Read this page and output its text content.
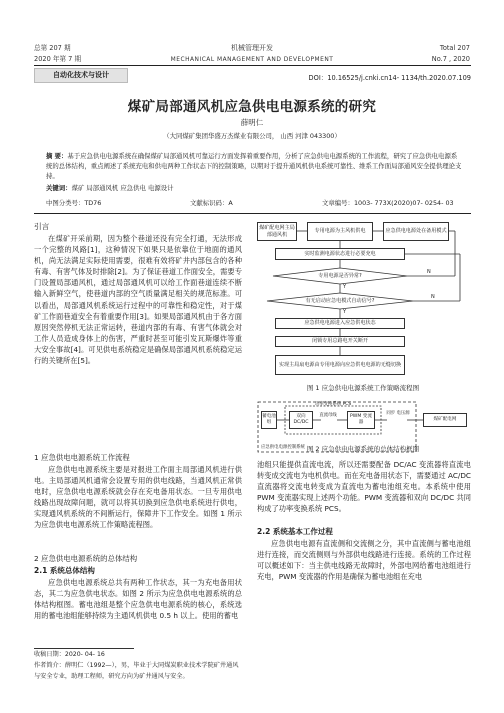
总第 207 期
2020 年第 7 期
机械管理开发
MECHANICAL MANAGEMENT AND DEVELOPMENT
Total 207
No.7 , 2020
自动化技术与设计	DOI：10.16525/j.cnki.cn14- 1134/th.2020.07.109
煤矿局部通风机应急供电电源系统的研究
薛明仁
（大同煤矿集团华盛万杰煤业有限公司， 山西 河津 043300）
摘 要：基于应急供电电源系统在确保煤矿局部通风机可靠运行方面发挥着重要作用，分析了应急供电电源系统的工作流程，研究了应急供电电源系统的总体结构，重点阐述了系统充电和供电两种工作状态下的控制策略，以期对于提升通风机供电系统可靠性、维系工作面局部通风安全提供理论支持。
关键词：煤矿 局部通风机 应急供电 电源设计
中图分类号：TD76	文献标识码：A	文章编号：1003- 773X(2020)07- 0254- 03
引言
在煤矿开采前期，因为整个巷道还没有完全打通，无法形成一个完整的风路[1]，这种情况下如果只是依靠位于地面的通风机，尚无法满足实际使用需要，很难有效将矿井内部包含的各种有毒、有害气体及时排除[2]。为了保证巷道工作面安全，需要专门设置局部通风机，通过局部通风机可以给工作面巷道连续不断输入新鲜空气，使巷道内部的空气质量满足相关的规范标准。可以看出，局部通风机系统运行过程中的可靠性和稳定性，对于煤矿工作面巷道安全有着重要作用[3]。如果局部通风机由于各方面原因突然停机无法正常运转，巷道内部的有毒、有害气体就会对工作人员造成身体上的伤害，严重时甚至可能引发瓦斯爆炸等重大安全事故[4]。可见供电系统稳定是确保局部通风机系统稳定运行的关键所在[5]。
1 应急供电电源系统工作流程
应急供电电源系统主要是对报进工作面主局部通风机进行供电。主局部通风机通常会设置专用的供电线路，当通风机正常供电时，应急供电电源系统就会存在充电备用状态。一旦专用供电线路出现故障问题，就可以将其切换到应急供电系统进行供电，实现通风机系统的不间断运行，保障井下工作安全。如图 1 所示为应急供电电源系统工作策略流程图。
2 应急供电电源系统的总体结构
2.1 系统总体结构
应急供电电源系统总共有两种工作状态，其一为充电备用状态，其二为应急供电状态。如图 2 所示为应急供电电源系统的总体结构框图。蓄电池组是整个应急供电电源系统的核心，系统选用的蓄电池组能够持续为主通风机供电 0.5 h 以上。使用的蓄电
收稿日期：2020- 04- 16
作者简介：薛明仁（1992—），男，毕业于大同煤炭职业技术学院矿井通风与安全专业，助理工程师，研究方向为矿井通风与安全。
煤矿配电网主局部通风机
专用电源为主风机供电	应急供电电源处在备用模式
实时监测电源状态进行必要充电
专用电源是否异常?
有无启动应急电模式自动信号?
应急供电电源进入应急供电状态
闭锁专用总路电开关断开
实现主局扇电源由专用电源向应急供电电源的无缝切换
Y
Y
N
N
图 1 应急供电电源系统工作策略流程图
蓄电池组
双向 DC/DC
直流母线	PWM 变流器
同步 电压源
煤矿配电网
功率变换系统 PCS
应急供电电源控制系统 图 2 应急供电电源系统的总体结构框图
池组只能提供直流电流，所以还需要配备 DC/AC 变流器将直流电转变成交流电为电机供电。而在充电备用状态下，需要通过 AC/DC 直流器将交流电转变成为直流电为蓄电池组充电。本系统中使用 PWM 变流器实现上述两个功能。PWM 变流器和双向 DC/DC 共同构成了功率变换系统 PCS。
2.2 系统基本工作过程
应急供电电源有直流侧和交流侧之分，其中直流侧与蓄电池组进行连接，而交流侧则与外部供电线路进行连接。系统的工作过程可以概述如下：当主供电线路无故障时，外部电网给蓄电池组进行充电，PWM 变流器的作用是确保为蓄电池组在充电
